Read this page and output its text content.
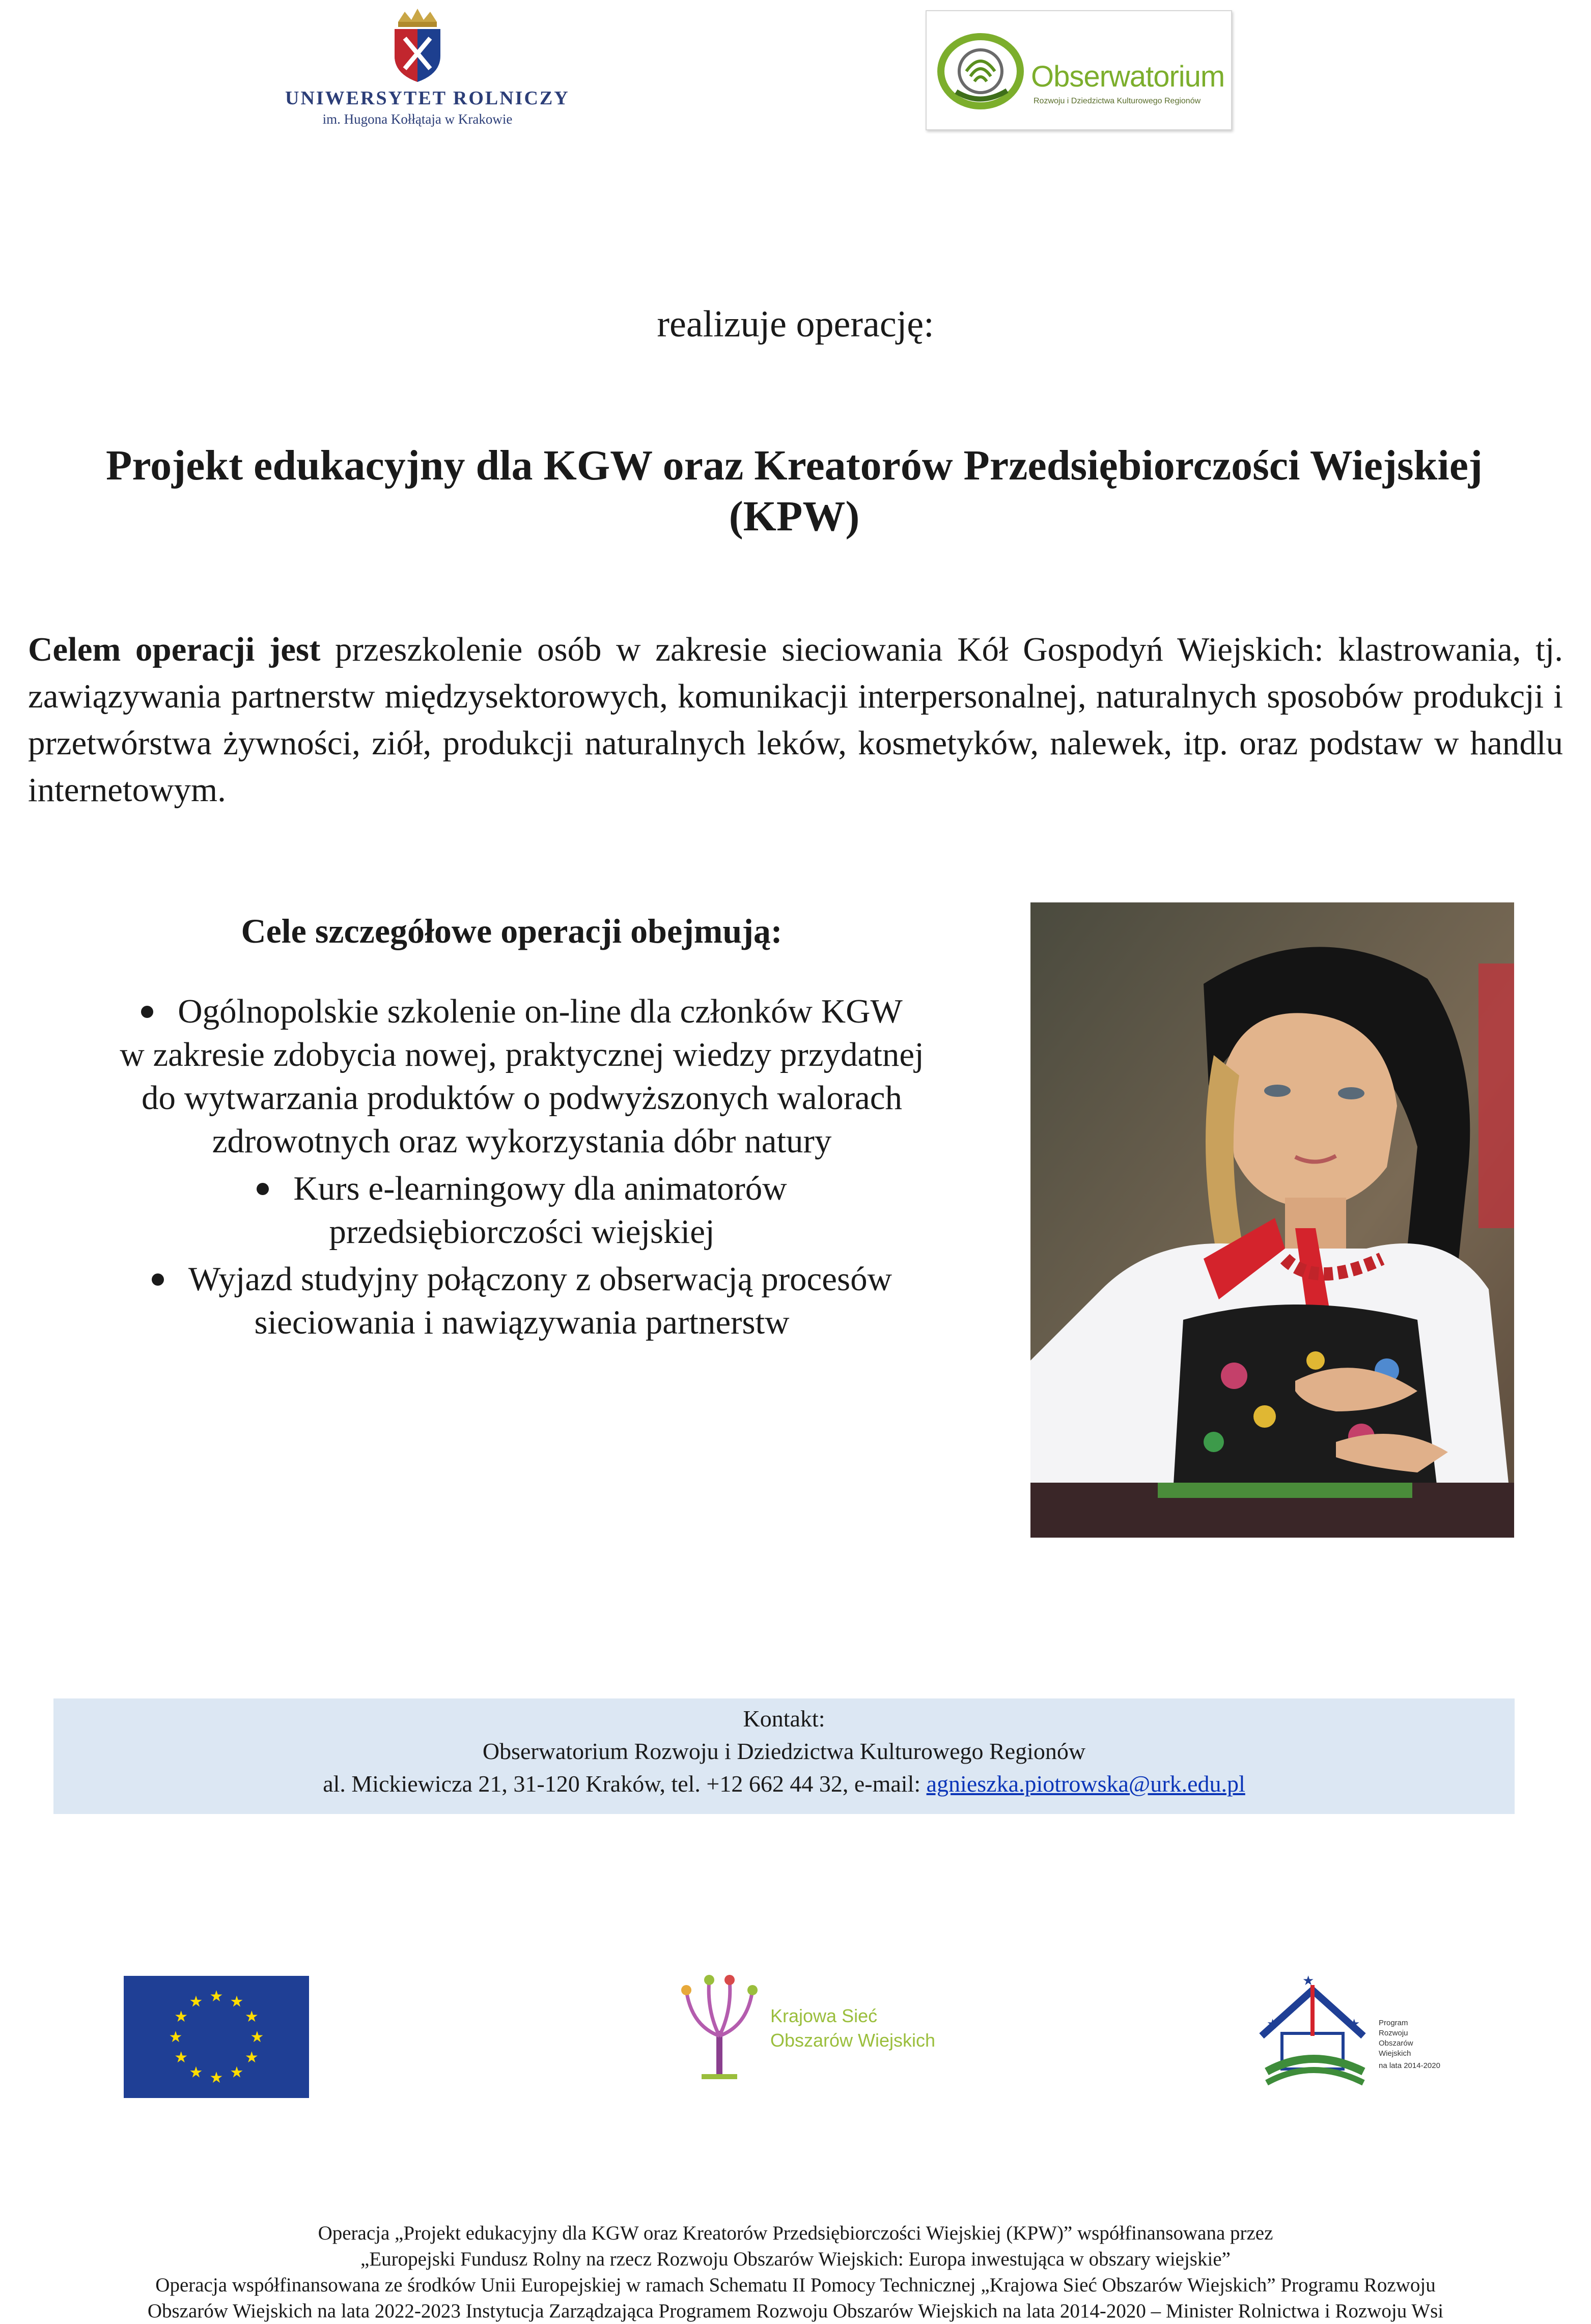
UNIWERSYTET ROLNICZY
im. Hugona Kołłątaja w Krakowie
Obserwatorium
Rozwoju i Dziedzictwa Kulturowego Regionów
realizuje operację:
Projekt edukacyjny dla KGW oraz Kreatorów Przedsiębiorczości Wiejskiej (KPW)
Celem operacji jest przeszkolenie osób w zakresie sieciowania Kół Gospodyń Wiejskich: klastrowania, tj. zawiązywania partnerstw międzysektorowych, komunikacji interpersonalnej, naturalnych sposobów produkcji i przetwórstwa żywności, ziół, produkcji naturalnych leków, kosmetyków, nalewek, itp. oraz podstaw w handlu internetowym.
Cele szczegółowe operacji obejmują:
Ogólnopolskie szkolenie on-line dla członków KGW
w zakresie zdobycia nowej, praktycznej wiedzy przydatnej
do wytwarzania produktów o podwyższonych walorach
zdrowotnych oraz wykorzystania dóbr natury
Kurs e-learningowy dla animatorów
przedsiębiorczości wiejskiej
Wyjazd studyjny połączony z obserwacją procesów
sieciowania i nawiązywania partnerstw
Kontakt:
Obserwatorium Rozwoju i Dziedzictwa Kulturowego Regionów
al. Mickiewicza 21, 31-120 Kraków, tel. +12 662 44 32, e-mail: agnieszka.piotrowska@urk.edu.pl
★ ★
★
★
★
★
★
★
★
★
★
★
Krajowa Sieć
Obszarów Wiejskich
★	★
★
Program
Rozwoju
Obszarów
Wiejskich
na lata 2014-2020

Operacja „Projekt edukacyjny dla KGW oraz Kreatorów Przedsiębiorczości Wiejskiej (KPW)” współfinansowana przez

„Europejski Fundusz Rolny na rzecz Rozwoju Obszarów Wiejskich: Europa inwestująca w obszary wiejskie”

Operacja współfinansowana ze środków Unii Europejskiej w ramach Schematu II Pomocy Technicznej „Krajowa Sieć Obszarów Wiejskich” Programu Rozwoju

Obszarów Wiejskich na lata 2022-2023 Instytucja Zarządzająca Programem Rozwoju Obszarów Wiejskich na lata 2014-2020 – Minister Rolnictwa i Rozwoju Wsi
